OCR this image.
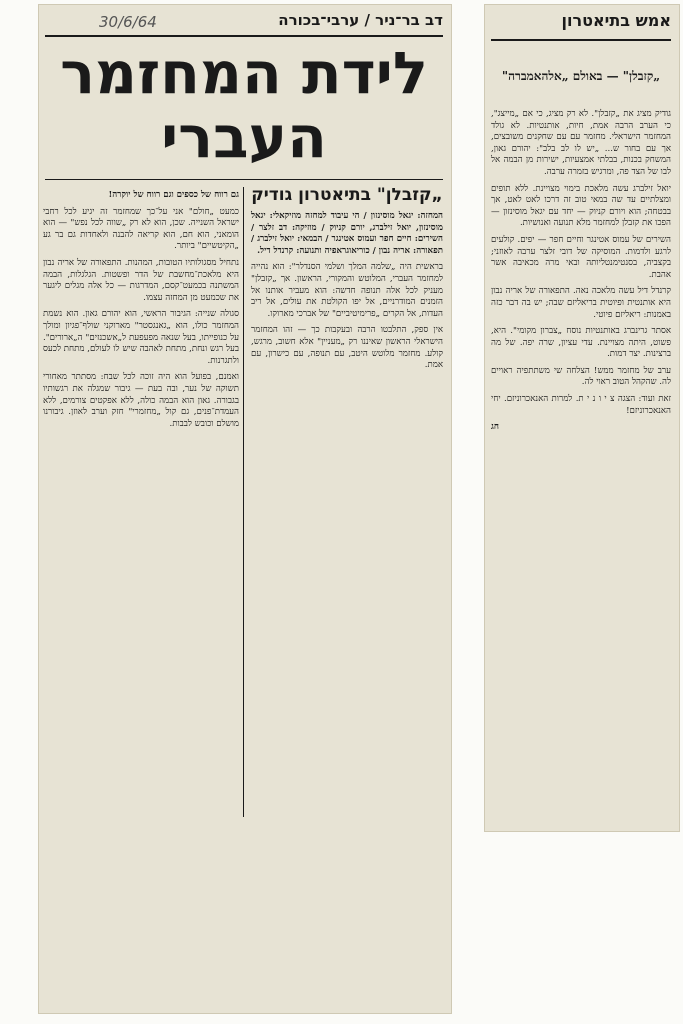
30/6/64	דב בר־ניר / ערבי־בכורה
לידת המחזמר העברי
„קזבלן" בתיאטרון גודיק

המחזה: יגאל מוסינזון / הי עיבוד למחזה מוזיקאלי: יגאל מוסינזון, יואל זילברג, יורם קניוק / מוזיקה: דב זלצר / השירים: חיים חפר ועמוס אטינגר / הבמאי: יואל זילברג / תפאורה: אריה נבון / כוריאוגראפיה ותנועה: קרנדל דיל.

בראשית היה „שלמה המלך ושלמי הסנדלר": הוא נהייה למחזמר העברי, המלוטש והמקורי, הראשון. אך „קזבלן" מעניק לכל אלה תנופה חדשה: הוא מעביר אותנו אל הזמנים המודרניים, אל יפו הקולטת את עולים, אל ריב העדות, אל הקרים „פרימיטיביים" של אברכי מארוקו.

אין ספק, התלבטו הרבה ובעקבות כך — זהו המחזמר הישראלי הראשון שאיננו רק „מעניין" אלא חשוב, מרגש, קולע. מחזמר מלוטש היטב, עם תנופה, עם כישרון, עם אמת.

גם רווח של כספים וגם רווח של יוקרה!

כמעט „חולם" אני על־כך שמחזמר זה יגיע לכל רחבי ישראל השנייה. שכן, הוא לא רק „שווה לכל נפש" — הוא הומאני, הוא חם, הוא קריאה להבנה ולאחדות גם בר גע „הקיטשיים" ביותר.

נתחיל מסגולותיו הטובות, המהנות. התפאורה של אריה נבון היא מלאכת־מחשבת של הדר ופשטות. הגלגלות, הבמה המשתנה בכמעט־קסם, המדרגות — כל אלה מגלים ליגער את שכמעט מן המחזה עצמו.

סגולה שנייה: הגיבור הראשי, הוא יהורם גאון. הוא נשמת המחזמר כולו, הוא „גאנגסטר" מארוקני שולף־פגיון ומולך על כנופייתו, בעל שנאה מפעפעת ל„אשכנזים" ה„ארורים". בעל רגש ונחת, מתחת לאהבה שיש לו לעולם, מתחת לכעס ולתגרנות.

ואמנם, בפועל הוא היה זוכה לכל שבח: מסתתר מאחורי תשוקה של נער, ובה בעת — גיבור שמגלה את רגשותיו בגבורה. גאון הוא הבמה כולה, ללא אפקטים צורמים, ללא העמדת־פנים, גם קול „מחזמרי" חזק וערב לאוזן. גיבורנו מושלם וכובש לבבות.

אמש בתיאטרון
„קזבלן" — באולם „אלהאמברה"

גודיק מציג את „קזבלן". לא רק מציג, כי אם „מייצג", כי הערב הרבה אמת, חיות, אותנטיות. לא גולד המחזמר הישראלי. מחזמר עם עם שחקנים משובצים, אך עם בחור ש... „יש לו לב בלב": יהורם גאון, המשחק בכנות, בבלתי אמצעיות, ישירות מן הבמה אל לבו של הצד פה, ומרגיש בזמרה ערבה.

יואל זילברג עשה מלאכת בימוי מצויינת. ללא תופים ומצלתיים עד שה במאי טוב זה דרכו לאט לאט, אך בבטחה; הוא ויורם קניוק — יחד עם יגאל מוסינזון — הפכו את קזבלן למחזמר מלא תנועה ואנושיות.

השירים של עמוס אטינגר וחיים חפר — יפים. קולעים לרגע ולדמות. המוסיקה של דובי זלצר ערבה לאוזני; בקצביה, בסנטימנטליותה ובאי מרה מכאיבה אשר אהבת.

קרנדל דיל עשה מלאכה נאה. התפאורה של אריה נבון היא אותנטית ופיוטית בריאליזם שבה; יש בה דבר כזה באמנות: ריאליזם פיוטי.

אסתר גרינברג באותנטיות נוסח „צברון מקומי". היא, פשוט, היתה מצויינת. עדי עציון, שרה יפה. של מה ברצינות. יצר דמות.

ערב של מחזמר ממש! הצלחה שי משתתפיה ראויים לה. שהקהל הטוב ראוי לה.

זאת ועוד: הצגה צ י ו נ י ת. למרות האנאכרוניזם. יחי האנאכרוניזם!

חג
